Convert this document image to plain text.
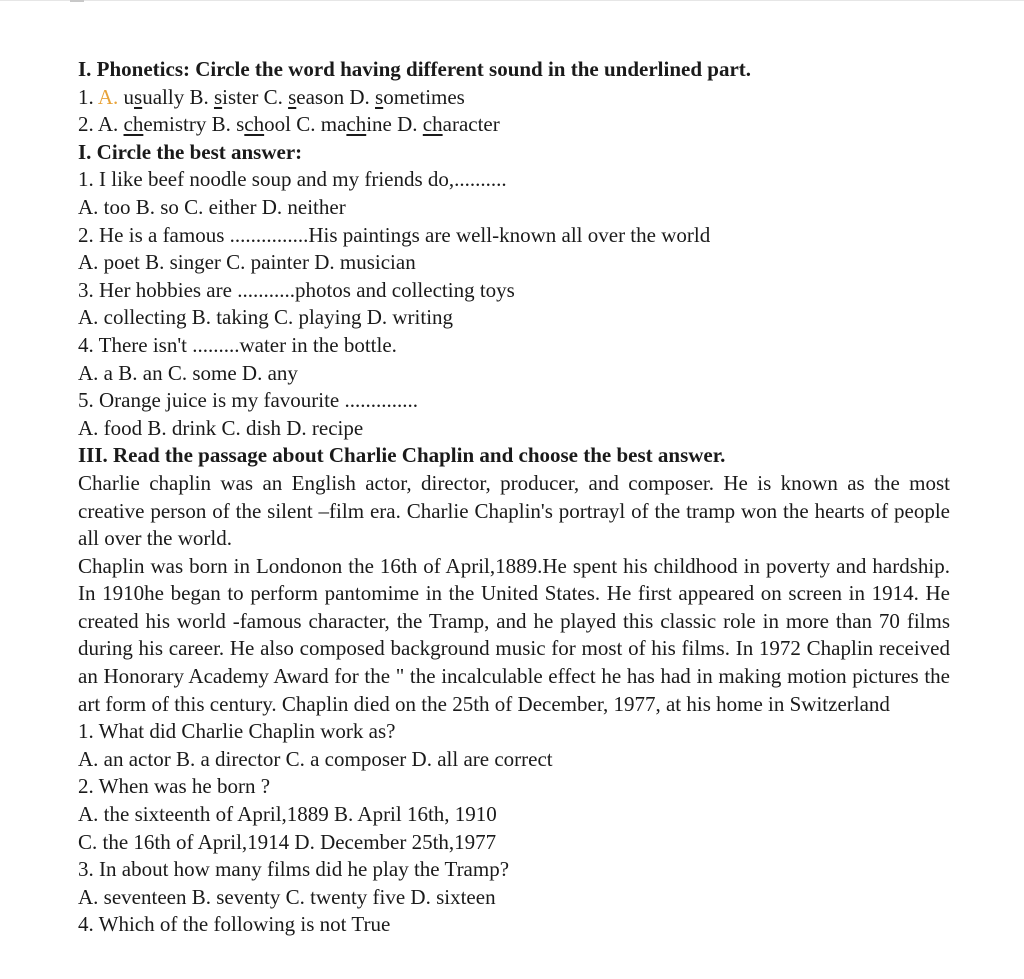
I. Phonetics: Circle the word having different sound in the underlined part.
1. A. usually B. sister C. season D. sometimes
2. A. chemistry B. school C. machine D. character
I. Circle the best answer:
1. I like beef noodle soup and my friends do,..........
A. too B. so C. either D. neither
2. He is a famous ...............His paintings are well-known all over the world
A. poet B. singer C. painter D. musician
3. Her hobbies are ...........photos and collecting toys
A. collecting B. taking C. playing D. writing
4. There isn't .........water in the bottle.
A. a B. an C. some D. any
5. Orange juice is my favourite ..............
A. food B. drink C. dish D. recipe
III. Read the passage about Charlie Chaplin and choose the best answer.

Charlie chaplin was an English actor, director, producer, and composer. He is known as the most creative person of the silent –film era. Charlie Chaplin's portrayl of the tramp won the hearts of people all over the world.

Chaplin was born in Londonon the 16th of April,1889.He spent his childhood in poverty and hardship. In 1910he began to perform pantomime in the United States. He first appeared on screen in 1914. He created his world -famous character, the Tramp, and he played this classic role in more than 70 films during his career. He also composed background music for most of his films. In 1972 Chaplin received an Honorary Academy Award for the " the incalculable effect he has had in making motion pictures the art form of this century. Chaplin died on the 25th of December, 1977, at his home in Switzerland

1. What did Charlie Chaplin work as?
A. an actor B. a director C. a composer D. all are correct
2. When was he born ?
A. the sixteenth of April,1889 B. April 16th, 1910
C. the 16th of April,1914 D. December 25th,1977
3. In about how many films did he play the Tramp?
A. seventeen B. seventy C. twenty five D. sixteen
4. Which of the following is not True
